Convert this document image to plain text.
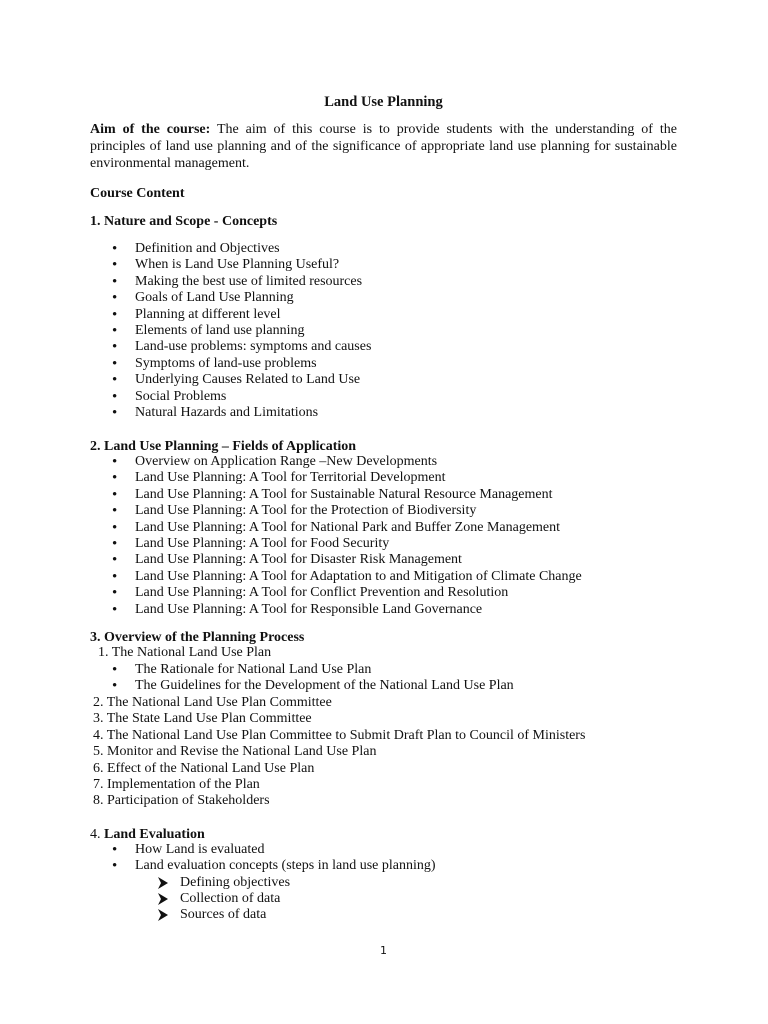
Land Use Planning
Aim of the course: The aim of this course is to provide students with the understanding of the principles of land use planning and of the significance of appropriate land use planning for sustainable environmental management.
Course Content
1. Nature and Scope - Concepts
• Definition and Objectives
• When is Land Use Planning Useful?
• Making the best use of limited resources
• Goals of Land Use Planning
• Planning at different level
• Elements of land use planning
• Land-use problems: symptoms and causes
• Symptoms of land-use problems
• Underlying Causes Related to Land Use
• Social Problems
• Natural Hazards and Limitations
2. Land Use Planning – Fields of Application
• Overview on Application Range –New Developments
• Land Use Planning: A Tool for Territorial Development
• Land Use Planning: A Tool for Sustainable Natural Resource Management
• Land Use Planning: A Tool for the Protection of Biodiversity
• Land Use Planning: A Tool for National Park and Buffer Zone Management
• Land Use Planning: A Tool for Food Security
• Land Use Planning: A Tool for Disaster Risk Management
• Land Use Planning: A Tool for Adaptation to and Mitigation of Climate Change
• Land Use Planning: A Tool for Conflict Prevention and Resolution
• Land Use Planning: A Tool for Responsible Land Governance
3. Overview of the Planning Process
1. The National Land Use Plan
• The Rationale for National Land Use Plan
• The Guidelines for the Development of the National Land Use Plan
2. The National Land Use Plan Committee
3. The State Land Use Plan Committee
4. The National Land Use Plan Committee to Submit Draft Plan to Council of Ministers
5. Monitor and Revise the National Land Use Plan
6. Effect of the National Land Use Plan
7. Implementation of the Plan
8. Participation of Stakeholders
4. Land Evaluation
• How Land is evaluated
• Land evaluation concepts (steps in land use planning)
Defining objectives
Collection of data
Sources of data
1
